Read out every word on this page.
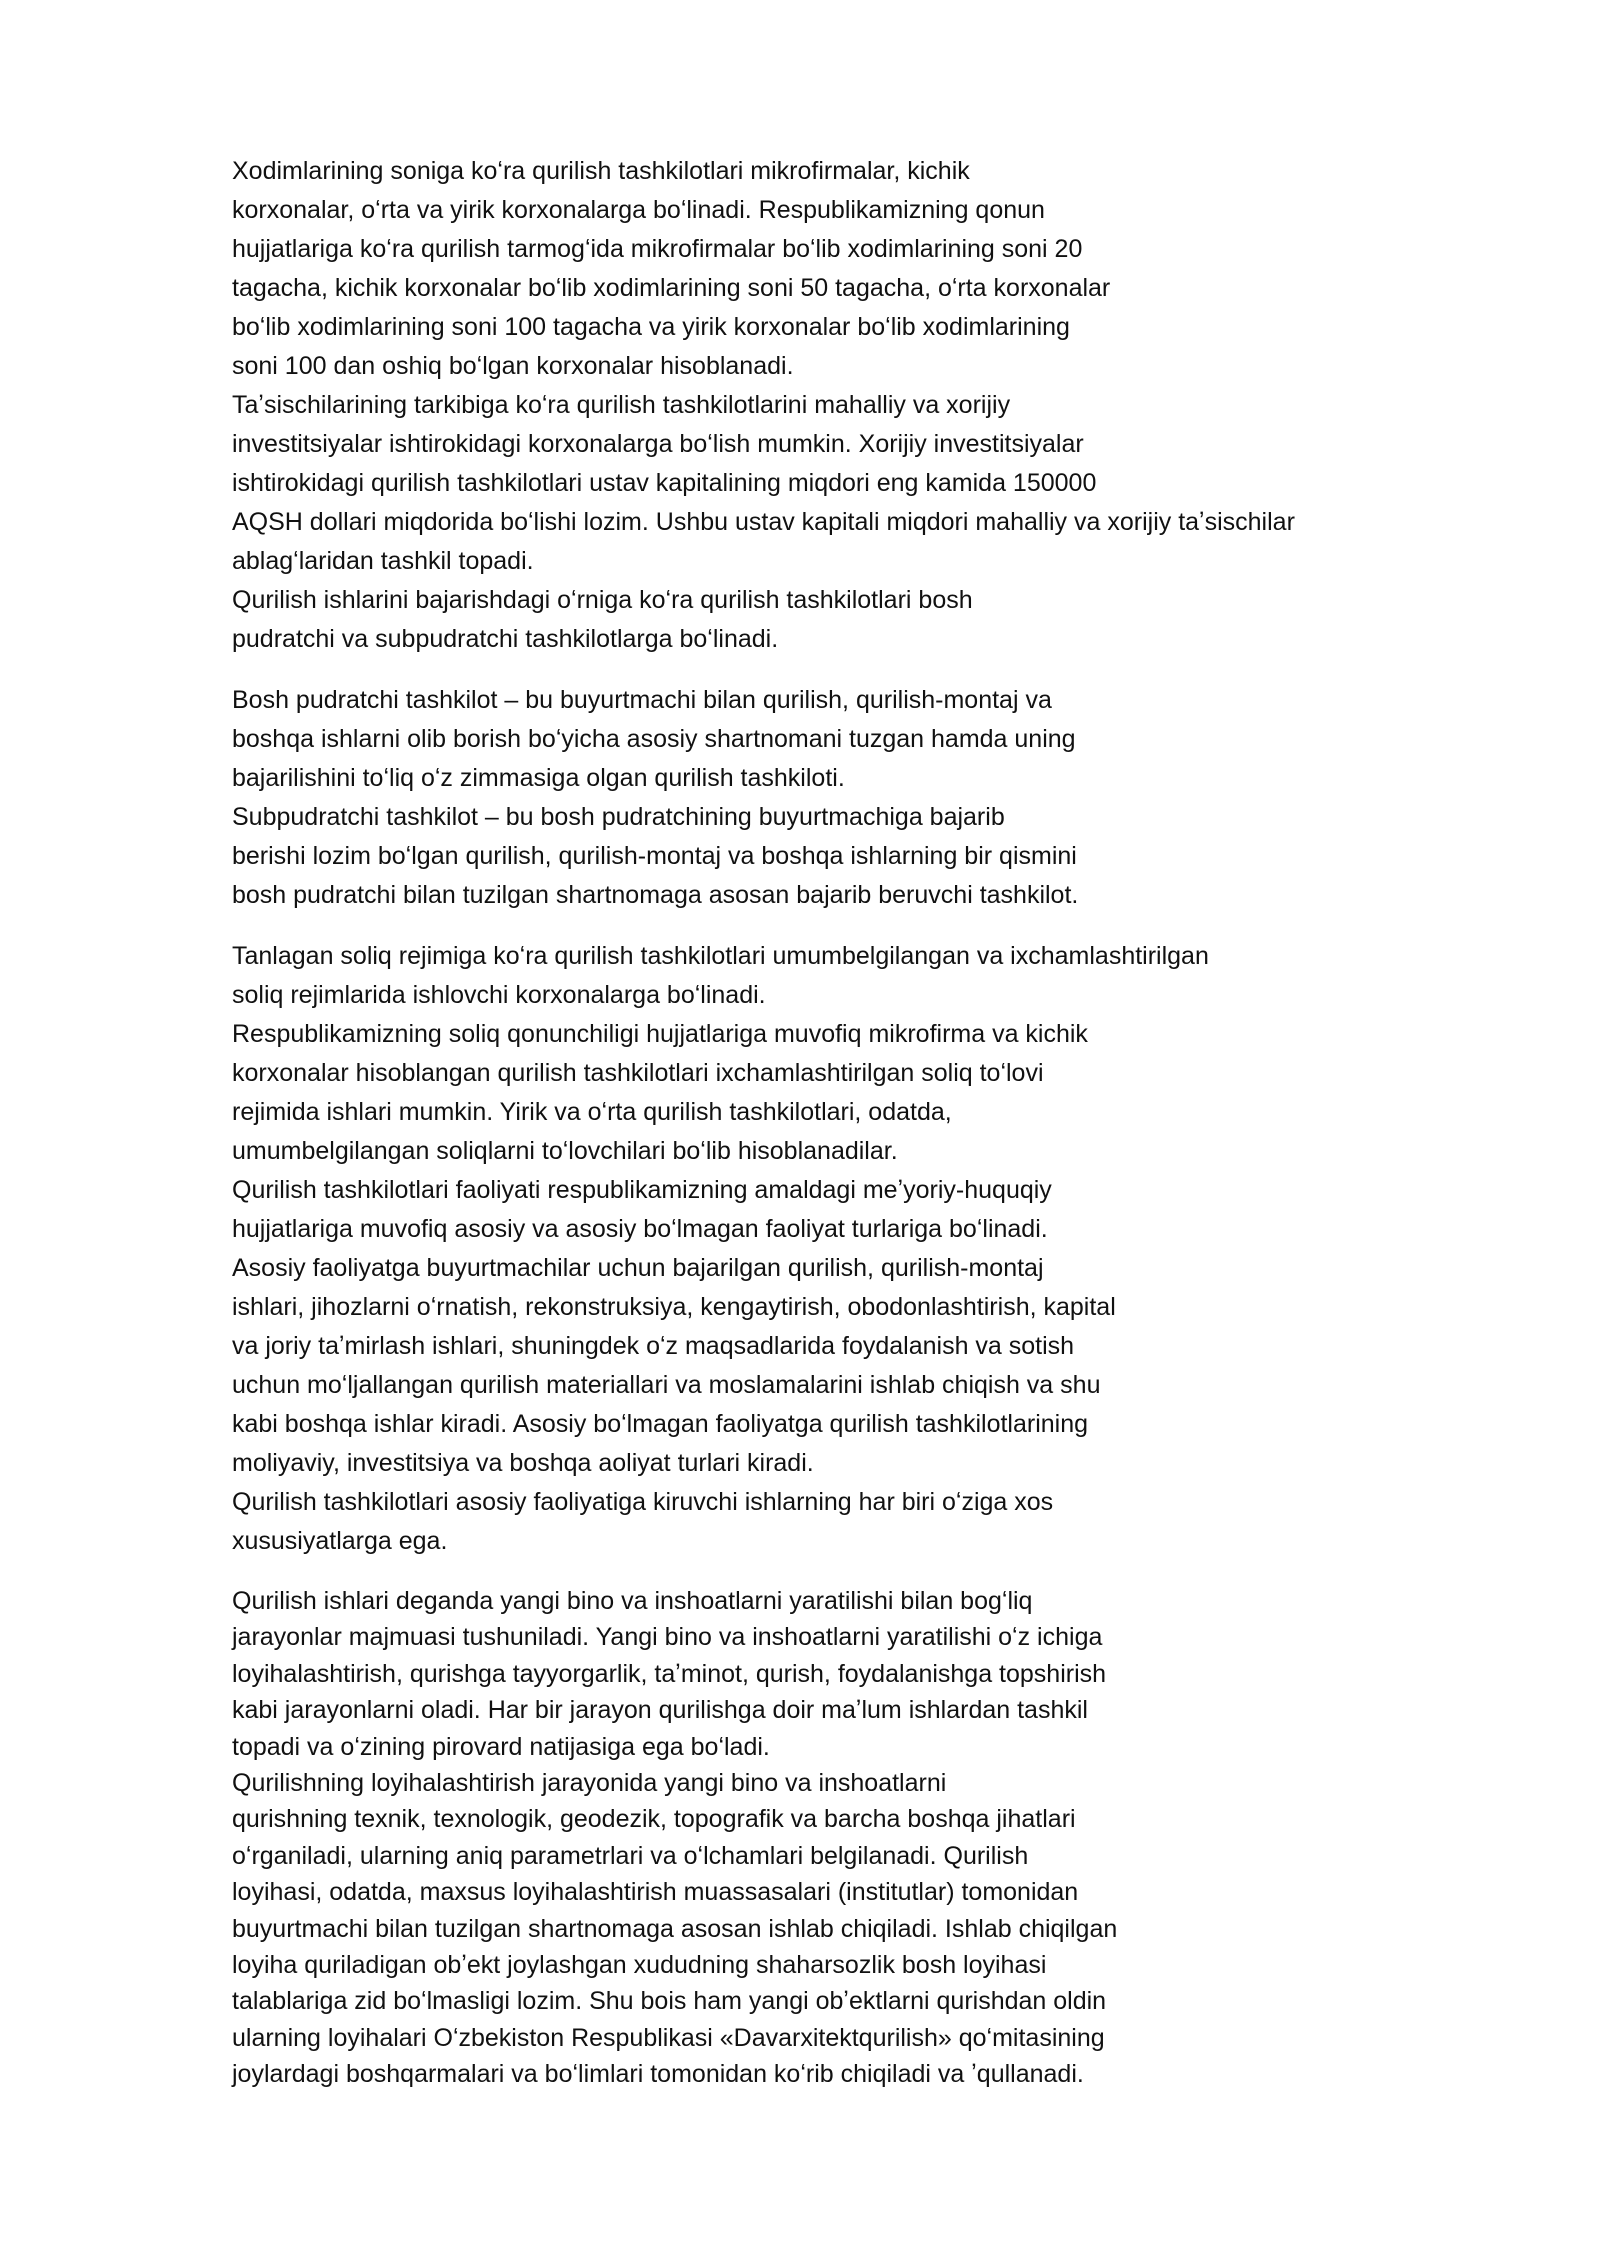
Xodimlarining soniga koʻra qurilish tashkilotlari mikrofirmalar, kichik
korxonalar, oʻrta va yirik korxonalarga boʻlinadi. Respublikamizning qonun
hujjatlariga koʻra qurilish tarmogʻida mikrofirmalar boʻlib xodimlarining soni 20
tagacha, kichik korxonalar boʻlib xodimlarining soni 50 tagacha, oʻrta korxonalar
boʻlib xodimlarining soni 100 tagacha va yirik korxonalar boʻlib xodimlarining
soni 100 dan oshiq boʻlgan korxonalar hisoblanadi.
Taʼsischilarining tarkibiga koʻra qurilish tashkilotlarini mahalliy va xorijiy
investitsiyalar ishtirokidagi korxonalarga boʻlish mumkin. Xorijiy investitsiyalar
ishtirokidagi qurilish tashkilotlari ustav kapitalining miqdori eng kamida 150000
AQSH dollari miqdorida boʻlishi lozim. Ushbu ustav kapitali miqdori mahalliy va xorijiy taʼsischilar
ablagʻlaridan tashkil topadi.
Qurilish ishlarini bajarishdagi oʻrniga koʻra qurilish tashkilotlari bosh
pudratchi va subpudratchi tashkilotlarga boʻlinadi.
Bosh pudratchi tashkilot – bu buyurtmachi bilan qurilish, qurilish-montaj va
boshqa ishlarni olib borish boʻyicha asosiy shartnomani tuzgan hamda uning
bajarilishini toʻliq oʻz zimmasiga olgan qurilish tashkiloti.
Subpudratchi tashkilot – bu bosh pudratchining buyurtmachiga bajarib
berishi lozim boʻlgan qurilish, qurilish-montaj va boshqa ishlarning bir qismini
bosh pudratchi bilan tuzilgan shartnomaga asosan bajarib beruvchi tashkilot.
Tanlagan soliq rejimiga koʻra qurilish tashkilotlari umumbelgilangan va ixchamlashtirilgan
soliq rejimlarida ishlovchi korxonalarga boʻlinadi.
Respublikamizning soliq qonunchiligi hujjatlariga muvofiq mikrofirma va kichik
korxonalar hisoblangan qurilish tashkilotlari ixchamlashtirilgan soliq toʻlovi
rejimida ishlari mumkin. Yirik va oʻrta qurilish tashkilotlari, odatda,
umumbelgilangan soliqlarni toʻlovchilari boʻlib hisoblanadilar.
Qurilish tashkilotlari faoliyati respublikamizning amaldagi meʼyoriy-huquqiy
hujjatlariga muvofiq asosiy va asosiy boʻlmagan faoliyat turlariga boʻlinadi.
Asosiy faoliyatga buyurtmachilar uchun bajarilgan qurilish, qurilish-montaj
ishlari, jihozlarni oʻrnatish, rekonstruksiya, kengaytirish, obodonlashtirish, kapital
va joriy taʼmirlash ishlari, shuningdek oʻz maqsadlarida foydalanish va sotish
uchun moʻljallangan qurilish materiallari va moslamalarini ishlab chiqish va shu
kabi boshqa ishlar kiradi. Asosiy boʻlmagan faoliyatga qurilish tashkilotlarining
moliyaviy, investitsiya va boshqa aoliyat turlari kiradi.
Qurilish tashkilotlari asosiy faoliyatiga kiruvchi ishlarning har biri oʻziga xos
xususiyatlarga ega.
Qurilish ishlari deganda yangi bino va inshoatlarni yaratilishi bilan bogʻliq
jarayonlar majmuasi tushuniladi. Yangi bino va inshoatlarni yaratilishi oʻz ichiga
loyihalashtirish, qurishga tayyorgarlik, taʼminot, qurish, foydalanishga topshirish
kabi jarayonlarni oladi. Har bir jarayon qurilishga doir maʼlum ishlardan tashkil
topadi va oʻzining pirovard natijasiga ega boʻladi.
Qurilishning loyihalashtirish jarayonida yangi bino va inshoatlarni
qurishning texnik, texnologik, geodezik, topografik va barcha boshqa jihatlari
oʻrganiladi, ularning aniq parametrlari va oʻlchamlari belgilanadi. Qurilish
loyihasi, odatda, maxsus loyihalashtirish muassasalari (institutlar) tomonidan
buyurtmachi bilan tuzilgan shartnomaga asosan ishlab chiqiladi. Ishlab chiqilgan
loyiha quriladigan obʼekt joylashgan xududning shaharsozlik bosh loyihasi
talablariga zid boʻlmasligi lozim. Shu bois ham yangi obʼektlarni qurishdan oldin
ularning loyihalari Oʻzbekiston Respublikasi «Davarxitektqurilish» qoʻmitasining
joylardagi boshqarmalari va boʻlimlari tomonidan koʻrib chiqiladi va ʼqullanadi.
